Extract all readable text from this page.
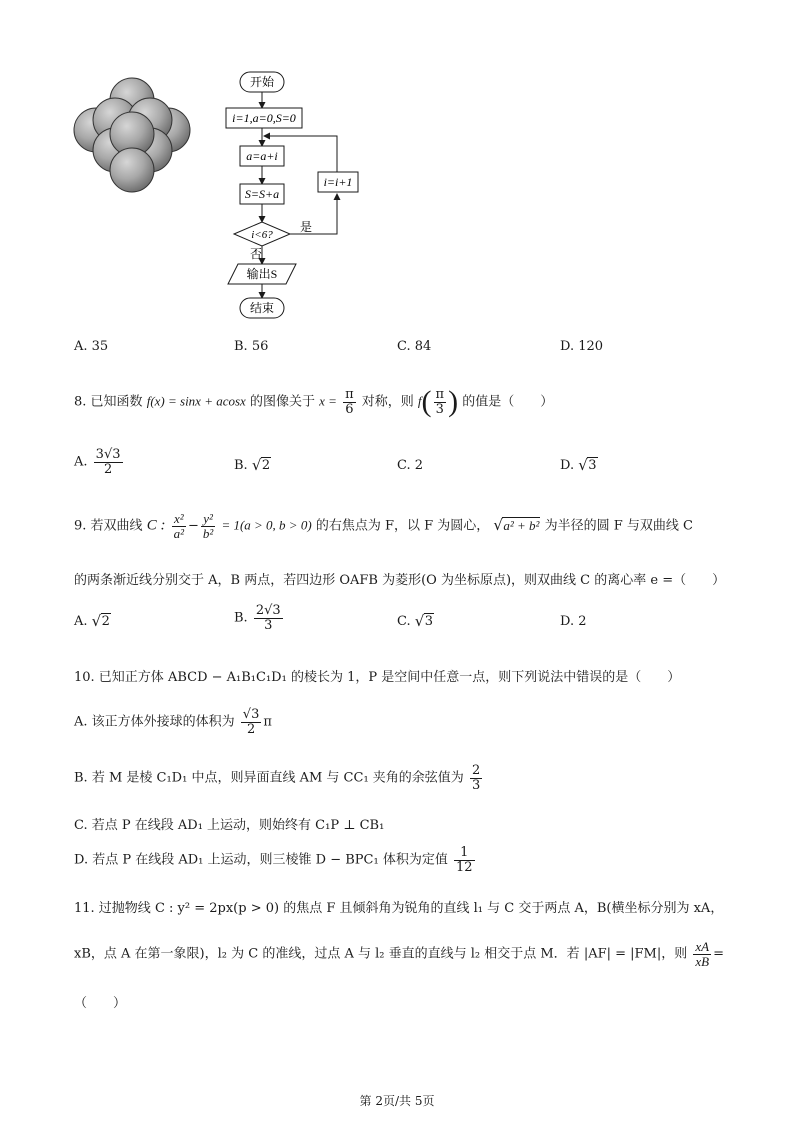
开始
i=1,a=0,S=0
a=a+i
S=S+a
i<6?
是
i=i+1
否
输出S
结束
A. 35	B. 56	C. 84	D. 120
8. 已知函数 f(x) = sinx + acosx 的图像关于 $x = \frac{\pi}{6}$ 对称，则 $f( \frac{\pi}{3}$ ) 的值是（　　）
A. $\frac{3√3}{2}$	B. √ 2	C. 2	D. √ 3
9. 若双曲线 C : $\frac{\text{x²}}{\text{a²}} - \frac{\text{y²}}{\text{b²}} = 1(a > 0$, b > 0) 的右焦点为 F，以 F 为圆心， √ a² + b² 为半径的圆 F 与双曲线 C
的两条渐近线分别交于 A，B 两点，若四边形 OAFB 为菱形(O 为坐标原点)，则双曲线 C 的离心率 e =（　　）
A. √ 2	B. $\frac{2√3}{3}$	C. √ 3	D. 2
10. 已知正方体 ABCD − A₁B₁C₁D₁ 的棱长为 1，P 是空间中任意一点，则下列说法中错误的是（　　）
A. 该正方体外接球的体积为 $\frac{√3}{2}$ π
B. 若 M 是棱 C₁D₁ 中点，则异面直线 AM 与 CC₁ 夹角的余弦值为 $\frac{2}{3}$
C. 若点 P 在线段 AD₁ 上运动，则始终有 C₁P ⊥ CB₁
D. 若点 P 在线段 AD₁ 上运动，则三棱锥 D − BPC₁ 体积为定值 $\frac{1}{12}$
11. 过抛物线 C : y² = 2px(p > 0) 的焦点 F 且倾斜角为锐角的直线 l₁ 与 C 交于两点 A，B(横坐标分别为 xA，
xB，点 A 在第一象限)，l₂ 为 C 的准线，过点 A 与 l₂ 垂直的直线与 l₂ 相交于点 M．若 |AF| = |FM|，则 $\frac{xA}{xB}$ =
（　　）
第 2页/共 5页
